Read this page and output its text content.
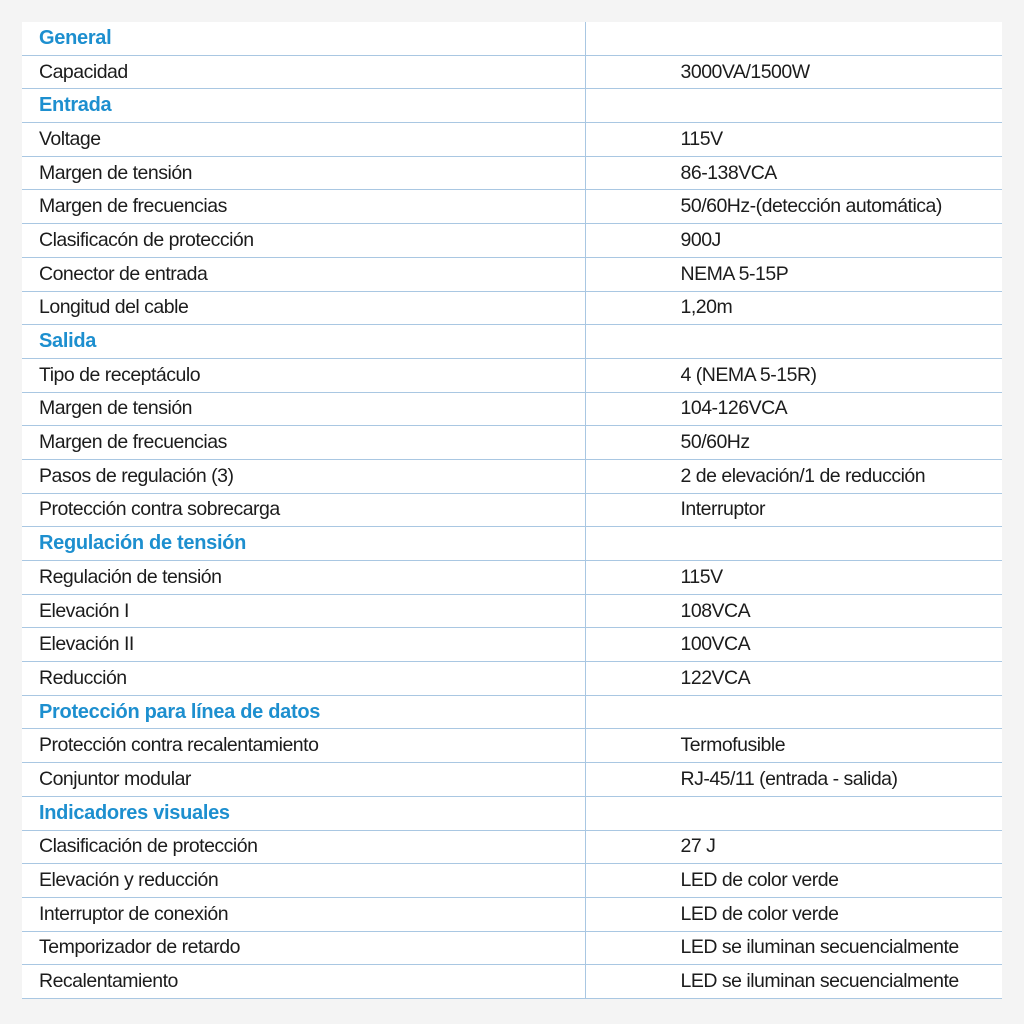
General	
Capacidad	3000VA/1500W
Entrada	
Voltage	115V
Margen de tensión	86-138VCA
Margen de frecuencias	50/60Hz-(detección automática)
Clasificacón de protección	900J
Conector de entrada	NEMA 5-15P
Longitud del cable	1,20m
Salida	
Tipo de receptáculo	4 (NEMA 5-15R)
Margen de tensión	104-126VCA
Margen de frecuencias	50/60Hz
Pasos de regulación (3)	2 de elevación/1 de reducción
Protección contra sobrecarga	Interruptor
Regulación de tensión	
Regulación de tensión	115V
Elevación I	108VCA
Elevación II	100VCA
Reducción	122VCA
Protección para línea de datos	
Protección contra recalentamiento	Termofusible
Conjuntor modular	RJ-45/11 (entrada - salida)
Indicadores visuales	
Clasificación de protección	27 J
Elevación y reducción	LED de color verde
Interruptor de conexión	LED de color verde
Temporizador de retardo	LED se iluminan secuencialmente
Recalentamiento	LED se iluminan secuencialmente
